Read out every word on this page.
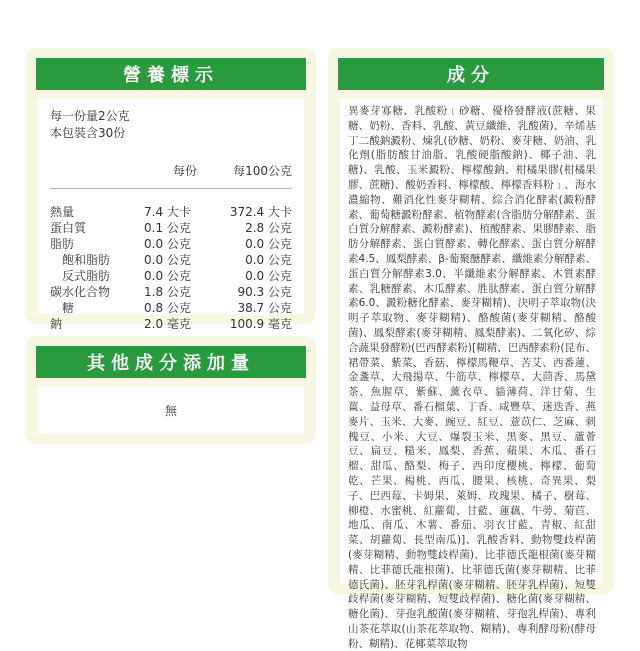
營養標示
每一份量2公克
本包裝含30份
每份	每100公克
熱量	7.4 大卡	372.4 大卡
蛋白質	0.1 公克	2.8 公克
脂肪	0.0 公克	0.0 公克
　飽和脂肪	0.0 公克	0.0 公克
　反式脂肪	0.0 公克	0.0 公克
碳水化合物	1.8 公克	90.3 公克
　糖	0.8 公克	38.7 公克
鈉	2.0 毫克	100.9 毫克
其他成分添加量
無
成分

異麥芽寡糖、乳酸粉﹝砂糖、優格發酵液(蔗糖、果糖、奶粉、香料、乳酸、黃豆纖維、乳酸菌)、辛烯基丁二酸鈉澱粉、煉乳(砂糖、奶粉、麥芽糖、奶油、乳化劑(脂肪酸甘油脂、乳酸硬脂酸鈉)、椰子油、乳糖)、乳酸、玉米澱粉、檸檬酸鈉、柑橘果膠(柑橘果膠、蔗糖)、酸奶香料、檸檬酸、檸檬香料粉﹞、海水濃縮物、難消化性麥芽糊精、綜合消化酵素(澱粉酵素、葡萄糖澱粉酵素、植物酵素(含脂肪分解酵素、蛋白質分解酵素、澱粉酵素)、植酸酵素、果膠酵素、脂肪分解酵素、蛋白質酵素、轉化酵素、蛋白質分解酵素4.5、鳳梨酵素、β-葡聚醣酵素、纖維素分解酵素、蛋白質分解酵素3.0、半纖維素分解酵素、木質素酵素、乳糖酵素、木瓜酵素、胜肽酵素、蛋白質分解酵素6.0、澱粉糖化酵素、麥芽糊精)、決明子萃取物(決明子萃取物、麥芽糊精)、酪酸菌(麥芽糊精、酪酸菌)、鳳梨酵素(麥芽糊精、鳳梨酵素)、二氧化矽、綜合蔬果發酵粉(巴西酵素粉)[糊精、巴西酵素粉(昆布、裙帶菜、紫菜、香菇、檸檬馬鞭草、苦艾、西番蓮、金盞草、大飛揚草、牛筋草、檸檬草、大茴香、馬黛茶、魚腥草、紫蘇、薰衣草、貓薄荷、洋甘菊、生薑、益母草、番石榴葉、丁香、咸豐草、迷迭香、燕麥片、玉米、大麥、豌豆、紅豆、薏苡仁、芝麻、刺槐豆、小米、大豆、爆裂玉米、黑麥、黑豆、蘆薈豆、扁豆、糙米、鳳梨、香蕉、蘋果、木瓜、番石榴、甜瓜、酪梨、梅子、西印度櫻桃、檸檬、葡萄乾、芒果、楊桃、西瓜、腰果、核桃、奇異果、梨子、巴西莓、卡姆果、萊姆、玫瑰果、橘子、樹莓、柳橙、水蜜桃、紅蘿蔔、甘藍、蓮藕、牛蒡、菊苣、地瓜、南瓜、木薯、番茄、羽衣甘藍、青椒、紅甜菜、胡蘿蔔、長型南瓜)]、乳酸香料、動物雙歧桿菌(麥芽糊精、動物雙歧桿菌)、比菲德氏龍根菌(麥芽糊精、比菲德氏龍根菌)、比菲德氏菌(麥芽糊精、比菲德氏菌)、胚芽乳桿菌(麥芽糊精、胚芽乳桿菌)、短雙歧桿菌(麥芽糊精、短雙歧桿菌)、糖化菌(麥芽糊精、糖化菌)、芽孢乳酸菌(麥芽糊精、芽孢乳桿菌)、專利山茶花萃取(山茶花萃取物、糊精)、專利酵母粉(酵母粉、糊精)、花椰菜萃取物
